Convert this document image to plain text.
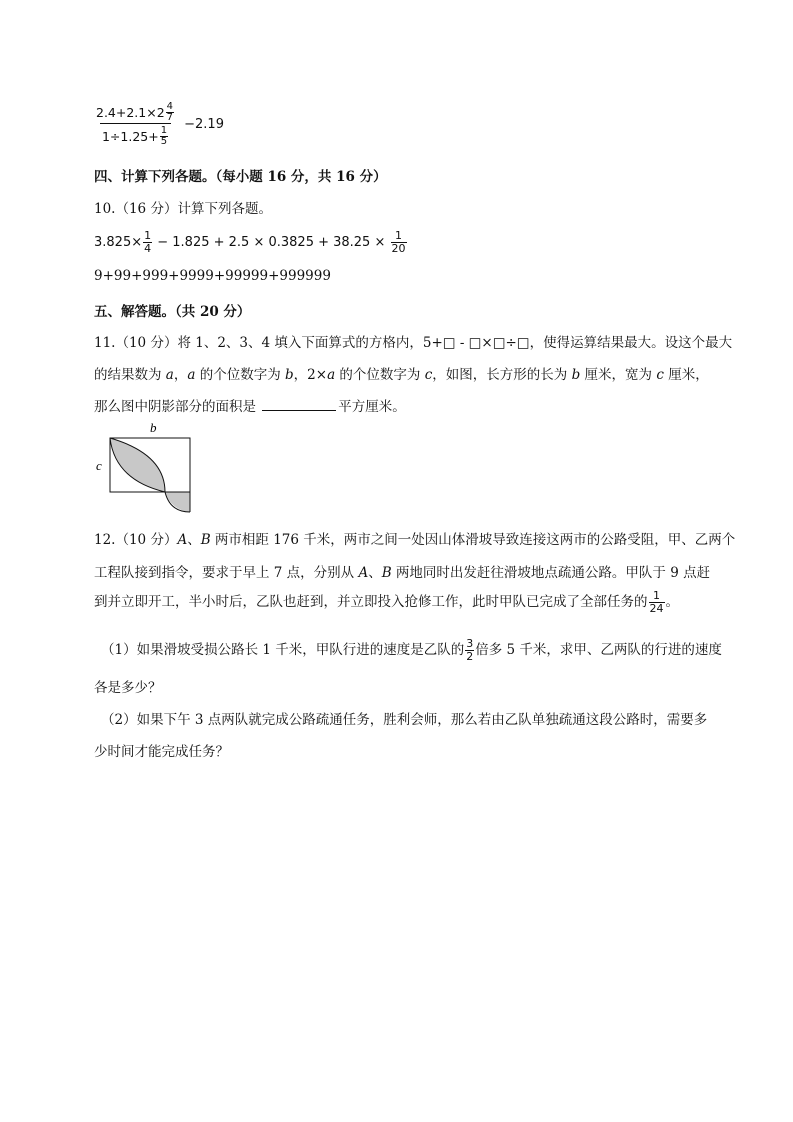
$\frac{2.4+2.1\times 2 \frac{4}{7}}{1\div 1.25+ \frac{1}{5}} -2.19$
四、计算下列各题。（每小题 16 分，共 16 分）
10.（16 分）计算下列各题。
$3.825\times \frac{1}{4} - 1.825 + 2.5 \times 0.3825 + 38.25 \times \frac{1}{20}$
9+99+999+9999+99999+999999
五、解答题。（共 20 分）
11.（10 分）将 1、2、3、4 填入下面算式的方格内，5+□ - □×□÷□，使得运算结果最大。设这个最大
的结果数为 a，a 的个位数字为 b，2×a 的个位数字为 c，如图，长方形的长为 b 厘米，宽为 c 厘米，
那么图中阴影部分的面积是	平方厘米。
b
c
12.（10 分）A、B 两市相距 176 千米，两市之间一处因山体滑坡导致连接这两市的公路受阻，甲、乙两个
工程队接到指令，要求于早上 7 点，分别从 A、B 两地同时出发赶往滑坡地点疏通公路。甲队于 9 点赶
到并立即开工，半小时后，乙队也赶到，并立即投入抢修工作，此时甲队已完成了全部任务的 $\frac{1}{24}$ 。
（1）如果滑坡受损公路长 1 千米，甲队行进的速度是乙队的 $\frac{3}{2}$ 倍多 5 千米，求甲、乙两队的行进的速度
各是多少？
（2）如果下午 3 点两队就完成公路疏通任务，胜利会师，那么若由乙队单独疏通这段公路时，需要多
少时间才能完成任务？
